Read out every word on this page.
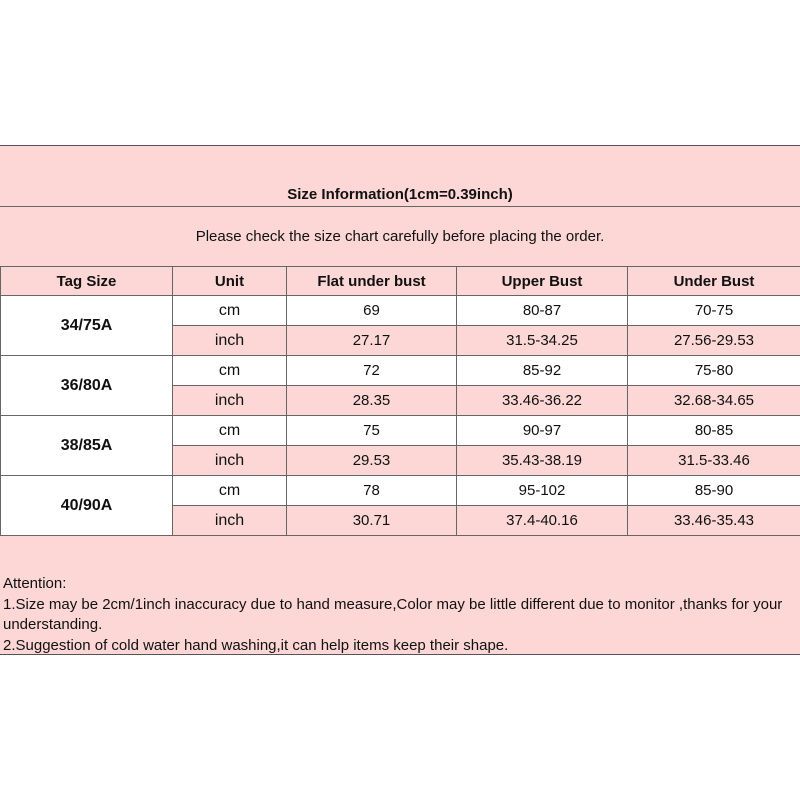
Size Information(1cm=0.39inch)
Please check the size chart carefully before placing the order.
Tag Size	Unit	Flat under bust	Upper Bust	Under Bust
34/75A	cm	69	80-87	70-75
	inch	27.17	31.5-34.25	27.56-29.53
36/80A	cm	72	85-92	75-80
	inch	28.35	33.46-36.22	32.68-34.65
38/85A	cm	75	90-97	80-85
	inch	29.53	35.43-38.19	31.5-33.46
40/90A	cm	78	95-102	85-90
	inch	30.71	37.4-40.16	33.46-35.43
Attention:
1.Size may be 2cm/1inch inaccuracy due to hand measure,Color may be little different due to monitor ,thanks for your understanding.
2.Suggestion of cold water hand washing,it can help items keep their shape.
